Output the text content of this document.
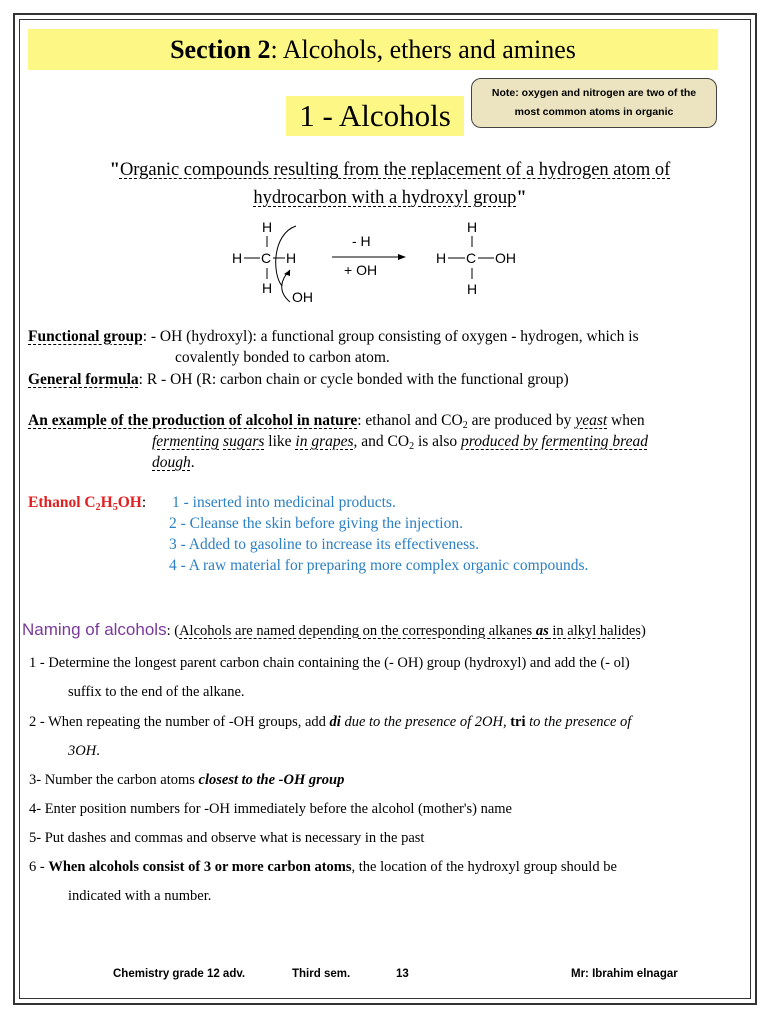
Section 2: Alcohols, ethers and amines
1 - Alcohols
Note: oxygen and nitrogen are two of the
most common atoms in organic
"Organic compounds resulting from the replacement of a hydrogen atom of
hydrocarbon with a hydroxyl group"
H
H C H
H
OH
- H
+ OH
H
H C OH
H
Functional group: - OH (hydroxyl): a functional group consisting of oxygen - hydrogen, which is
covalently bonded to carbon atom.
General formula: R - OH (R: carbon chain or cycle bonded with the functional group)
An example of the production of alcohol in nature: ethanol and $CO_2$ are produced by yeast when
fermenting sugars like in grapes, and $CO_2$ is also produced by fermenting bread
dough.
Ethanol $C_2H_5OH$: 1 - inserted into medicinal products.
2 - Cleanse the skin before giving the injection.
3 - Added to gasoline to increase its effectiveness.
4 - A raw material for preparing more complex organic compounds.
Naming of alcohols: (Alcohols are named depending on the corresponding alkanes as in alkyl halides)
1 - Determine the longest parent carbon chain containing the (- OH) group (hydroxyl) and add the (- ol)
suffix to the end of the alkane.
2 - When repeating the number of -OH groups, add di due to the presence of 2OH, tri to the presence of
3OH.
3- Number the carbon atoms closest to the -OH group
4- Enter position numbers for -OH immediately before the alcohol (mother's) name
5- Put dashes and commas and observe what is necessary in the past
6 - When alcohols consist of 3 or more carbon atoms, the location of the hydroxyl group should be
indicated with a number.
Chemistry grade 12 adv.	Third sem.	13	Mr: Ibrahim elnagar
